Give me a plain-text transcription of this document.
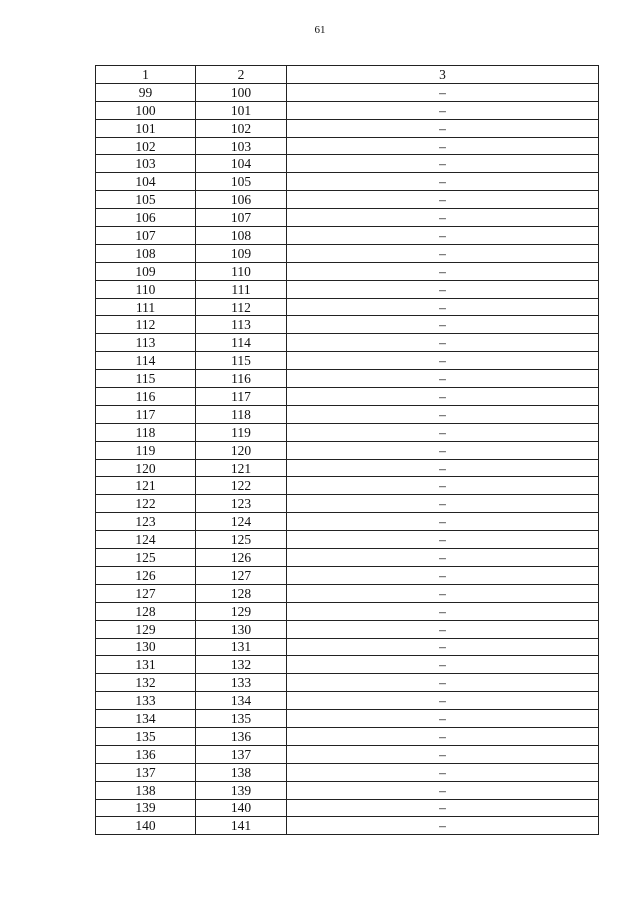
61
1	2	3
99	100	–
100	101	–
101	102	–
102	103	–
103	104	–
104	105	–
105	106	–
106	107	–
107	108	–
108	109	–
109	110	–
110	111	–
111	112	–
112	113	–
113	114	–
114	115	–
115	116	–
116	117	–
117	118	–
118	119	–
119	120	–
120	121	–
121	122	–
122	123	–
123	124	–
124	125	–
125	126	–
126	127	–
127	128	–
128	129	–
129	130	–
130	131	–
131	132	–
132	133	–
133	134	–
134	135	–
135	136	–
136	137	–
137	138	–
138	139	–
139	140	–
140	141	–
